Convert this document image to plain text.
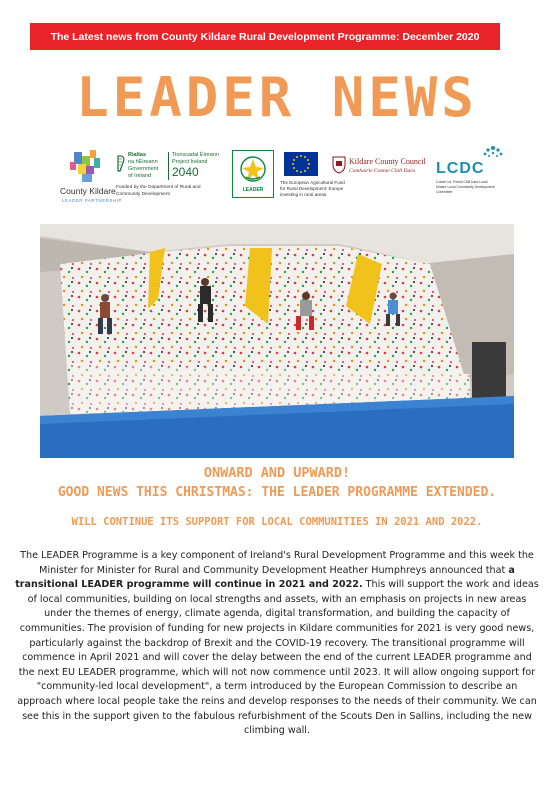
The Latest news from County Kildare Rural Development Programme: December 2020
LEADER NEWS
County Kildare
LEADER PARTNERSHIP
Rialtas
na hÉireann
Government
of Ireland
Tionscadal Éireann
Project Ireland
2040
Funded by the Department of Rural and
Community Development
LEADER
The European Agricultural Fund
for Rural Development: Europe
investing in rural areas
Kildare County Council
Comhairle Contae Chill Dara LCDC
Coiste Lor. Pobail Chill Dara Local
Kildare Local Community Development
Committee
ONWARD AND UPWARD!
GOOD NEWS THIS CHRISTMAS: THE LEADER PROGRAMME EXTENDED.
WILL CONTINUE ITS SUPPORT FOR LOCAL COMMUNITIES IN 2021 AND 2022.
The LEADER Programme is a key component of Ireland's Rural Development Programme and this week the Minister for Minister for Rural and Community Development Heather Humphreys announced that a transitional LEADER programme will continue in 2021 and 2022. This will support the work and ideas of local communities, building on local strengths and assets, with an emphasis on projects in new areas under the themes of energy, climate agenda, digital transformation, and building the capacity of communities. The provision of funding for new projects in Kildare communities for 2021 is very good news, particularly against the backdrop of Brexit and the COVID-19 recovery. The transitional programme will commence in April 2021 and will cover the delay between the end of the current LEADER programme and the next EU LEADER programme, which will not now commence until 2023. It will allow ongoing support for "community-led local development", a term introduced by the European Commission to describe an approach where local people take the reins and develop responses to the needs of their community. We can see this in the support given to the fabulous refurbishment of the Scouts Den in Sallins, including the new climbing wall.
